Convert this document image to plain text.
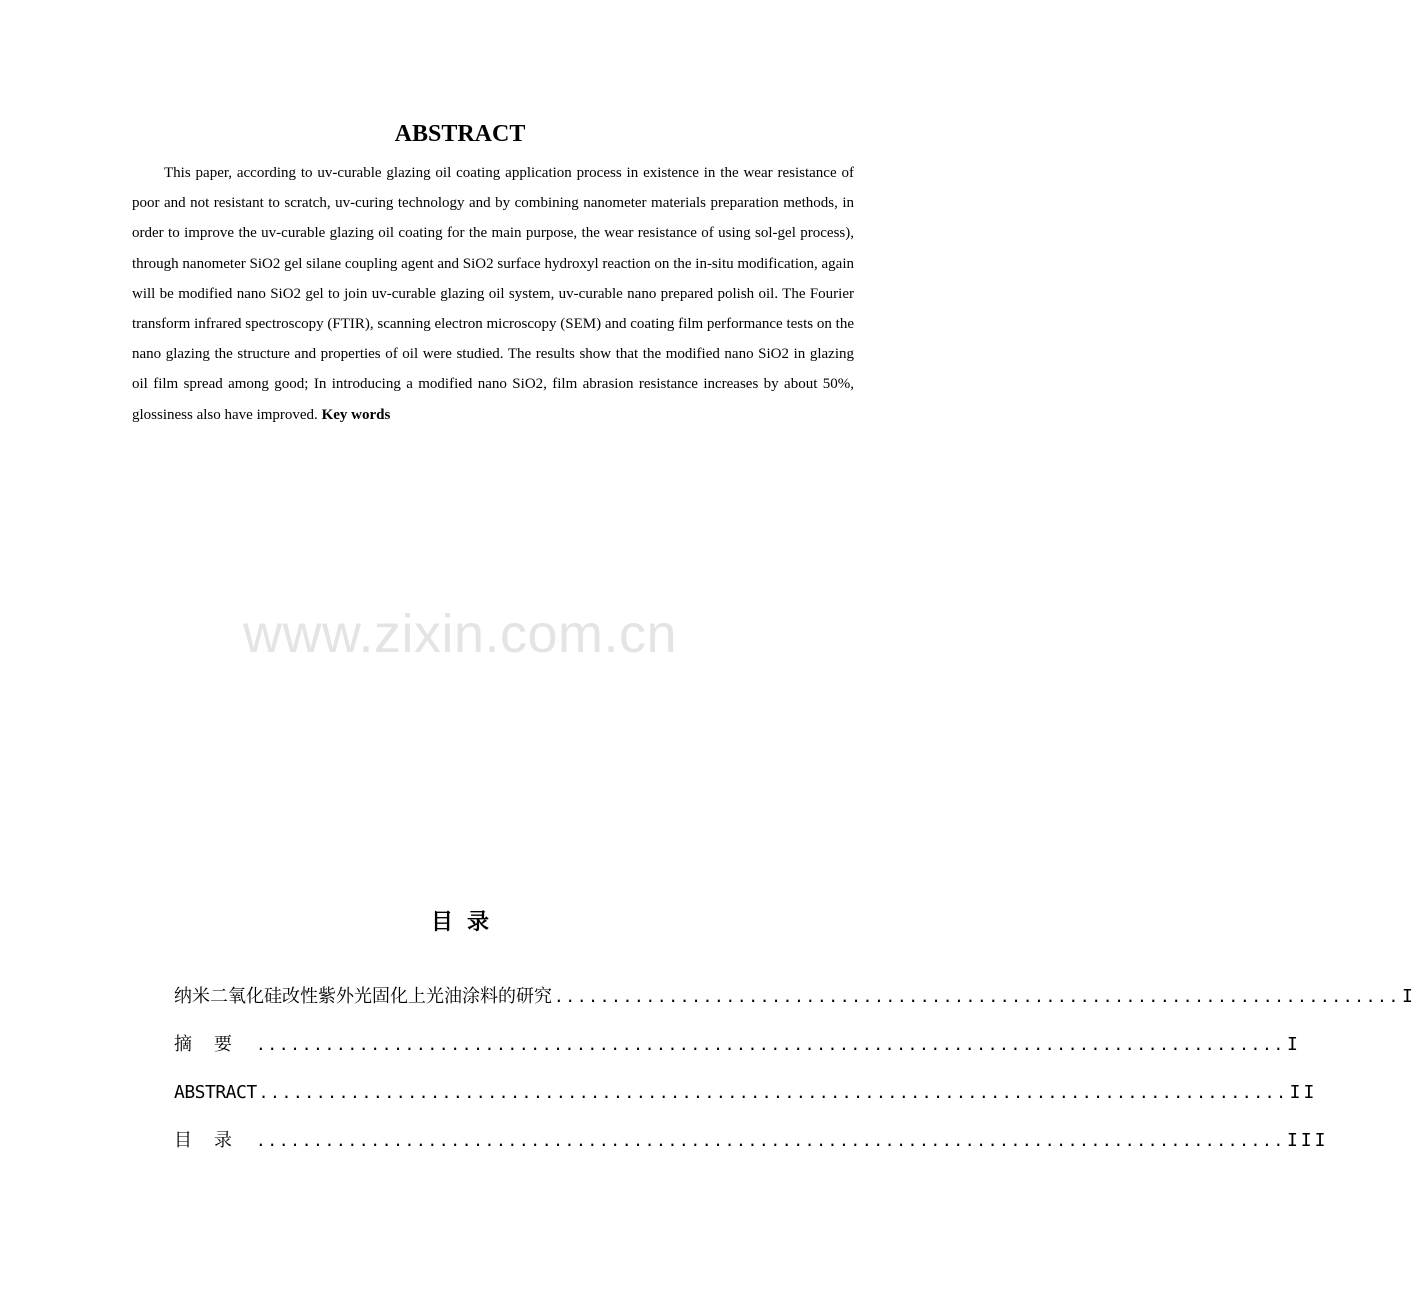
ABSTRACT

This paper, according to uv-curable glazing oil coating application process in existence in the wear resistance of poor and not resistant to scratch, uv-curing technology and by combining nanometer materials preparation methods, in order to improve the uv-curable glazing oil coating for the main purpose, the wear resistance of using sol-gel process), through nanometer SiO2 gel silane coupling agent and SiO2 surface hydroxyl reaction on the in-situ modification, again will be modified nano SiO2 gel to join uv-curable glazing oil system, uv-curable nano prepared polish oil. The Fourier transform infrared spectroscopy (FTIR), scanning electron microscopy (SEM) and coating film performance tests on the nano glazing the structure and properties of oil were studied. The results show that the modified nano SiO2 in glazing oil film spread among good; In introducing a modified nano SiO2, film abrasion resistance increases by about 50%, glossiness also have improved. Key words

www.zixin.com.cn
目录
纳米二氧化硅改性紫外光固化上光油涂料的研究 .......................................................................... I
摘要 .......................................................................................... I
ABSTRACT .......................................................................................... II
目录 .......................................................................................... III
